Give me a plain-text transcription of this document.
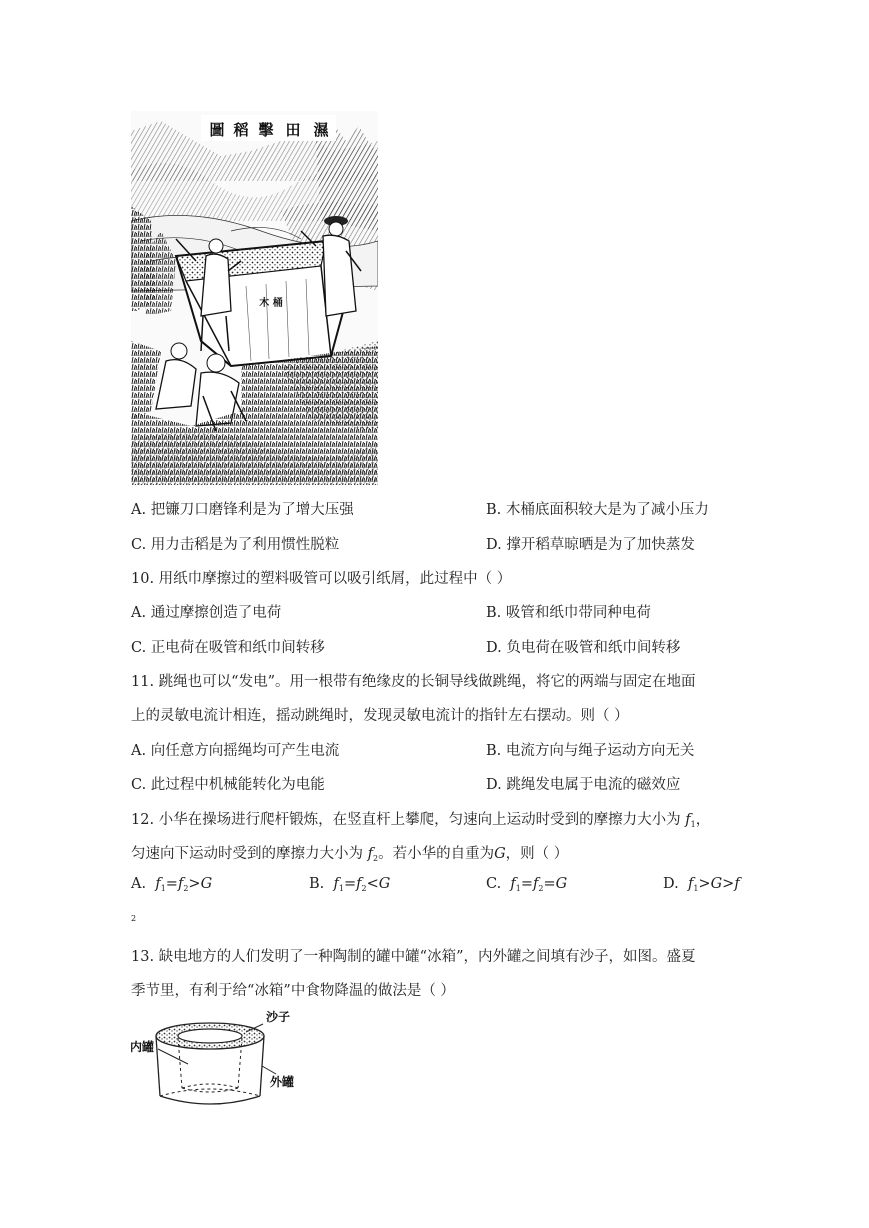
濕
田
擊
稻
圖
木 桶
A. 把镰刀口磨锋利是为了增大压强	B. 木桶底面积较大是为了减小压力
C. 用力击稻是为了利用惯性脱粒	D. 撑开稻草晾晒是为了加快蒸发
10. 用纸巾摩擦过的塑料吸管可以吸引纸屑，此过程中（ ）
A. 通过摩擦创造了电荷	B. 吸管和纸巾带同种电荷
C. 正电荷在吸管和纸巾间转移	D. 负电荷在吸管和纸巾间转移
11. 跳绳也可以“发电”。用一根带有绝缘皮的长铜导线做跳绳，将它的两端与固定在地面
上的灵敏电流计相连，摇动跳绳时，发现灵敏电流计的指针左右摆动。则（ ）
A. 向任意方向摇绳均可产生电流	B. 电流方向与绳子运动方向无关
C. 此过程中机械能转化为电能	D. 跳绳发电属于电流的磁效应
12. 小华在操场进行爬杆锻炼，在竖直杆上攀爬，匀速向上运动时受到的摩擦力大小为 $f_1$，
匀速向下运动时受到的摩擦力大小为 $f_2$。若小华的自重为G，则（ ）
A. $f_1=f_2>G$	B. $f_1=f_2<G$	C. $f_1=f_2=G$	D. $f_1>G>f$
2
13. 缺电地方的人们发明了一种陶制的罐中罐“冰箱”，内外罐之间填有沙子，如图。盛夏
季节里，有利于给“冰箱”中食物降温的做法是（ ）
沙子
内罐
外罐
